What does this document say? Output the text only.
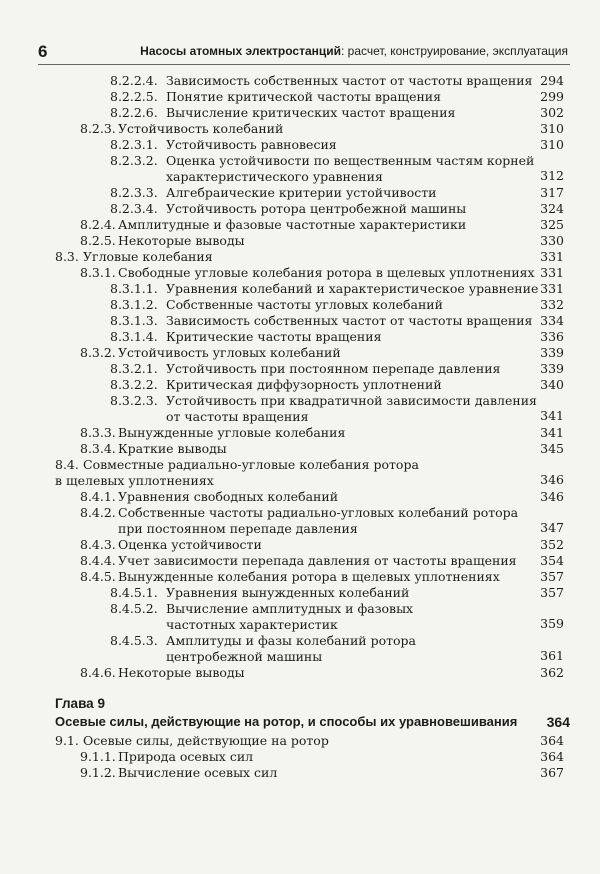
6	Насосы атомных электростанций: расчет, конструирование, эксплуатация
8.2.2.4. Зависимость собственных частот от частоты вращения 294
8.2.2.5. Понятие критической частоты вращения	299
8.2.2.6. Вычисление критических частот вращения	302
8.2.3. Устойчивость колебаний	310
8.2.3.1. Устойчивость равновесия	310
8.2.3.2. Оценка устойчивости по вещественным частям корней
характеристического уравнения	312
8.2.3.3. Алгебраические критерии устойчивости	317
8.2.3.4. Устойчивость ротора центробежной машины	324
8.2.4. Амплитудные и фазовые частотные характеристики	325
8.2.5. Некоторые выводы	330
8.3. Угловые колебания	331
8.3.1. Свободные угловые колебания ротора в щелевых уплотнениях 331
8.3.1.1. Уравнения колебаний и характеристическое уравнение 331
8.3.1.2. Собственные частоты угловых колебаний	332
8.3.1.3. Зависимость собственных частот от частоты вращения 334
8.3.1.4. Критические частоты вращения	336
8.3.2. Устойчивость угловых колебаний	339
8.3.2.1. Устойчивость при постоянном перепаде давления	339
8.3.2.2. Критическая диффузорность уплотнений	340
8.3.2.3. Устойчивость при квадратичной зависимости давления
от частоты вращения	341
8.3.3. Вынужденные угловые колебания	341
8.3.4. Краткие выводы	345
8.4. Совместные радиально-угловые колебания ротора
в щелевых уплотнениях	346
8.4.1. Уравнения свободных колебаний	346
8.4.2. Собственные частоты радиально-угловых колебаний ротора
при постоянном перепаде давления	347
8.4.3. Оценка устойчивости	352
8.4.4. Учет зависимости перепада давления от частоты вращения	354
8.4.5. Вынужденные колебания ротора в щелевых уплотнениях	357
8.4.5.1. Уравнения вынужденных колебаний	357
8.4.5.2. Вычисление амплитудных и фазовых
частотных характеристик	359
8.4.5.3. Амплитуды и фазы колебаний ротора
центробежной машины	361
8.4.6. Некоторые выводы	362
Глава 9
Осевые силы, действующие на ротор, и способы их уравновешивания 364
9.1. Осевые силы, действующие на ротор	364
9.1.1. Природа осевых сил	364
9.1.2. Вычисление осевых сил	367
